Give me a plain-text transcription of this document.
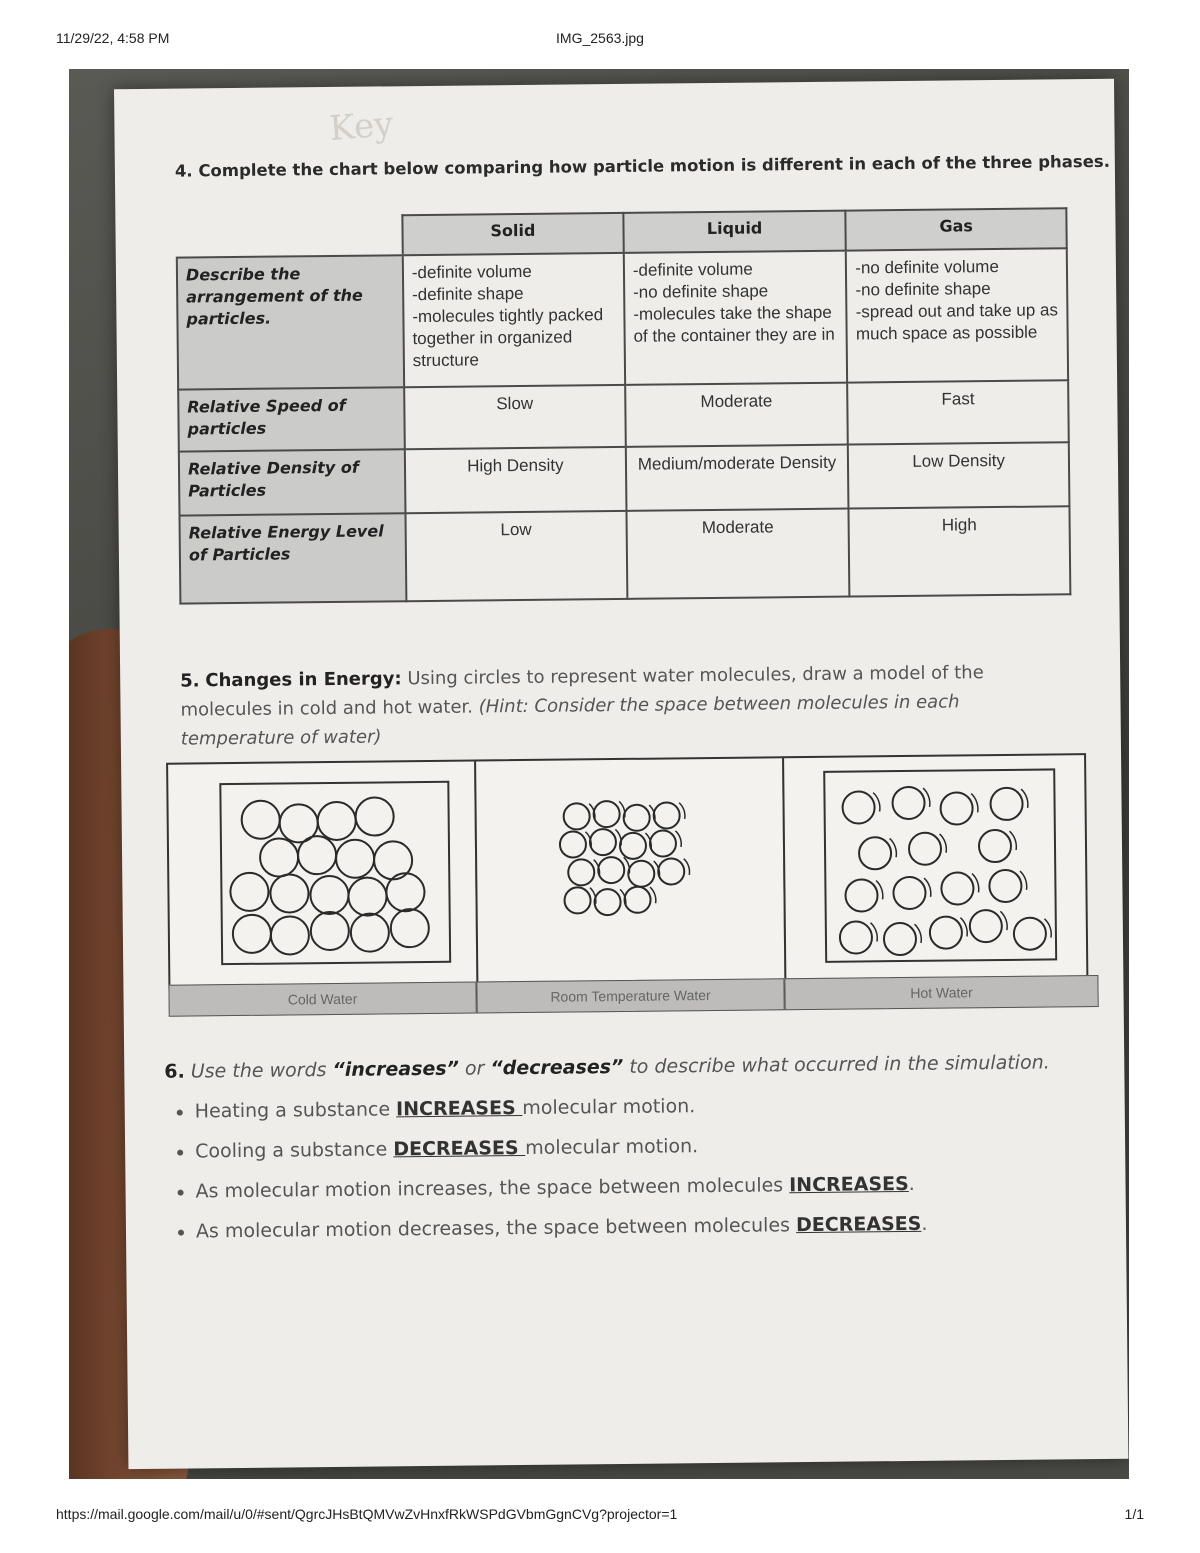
11/29/22, 4:58 PM	IMG_2563.jpg
Key
4. Complete the chart below comparing how particle motion is different in each of the three phases.
	Solid	Liquid	Gas
Describe the arrangement of the particles.	-definite volume
-definite shape
-molecules tightly packed together in organized structure	-definite volume
-no definite shape
-molecules take the shape of the container they are in	-no definite volume
-no definite shape
-spread out and take up as much space as possible
Relative Speed of particles	Slow	Moderate	Fast
Relative Density of Particles	High Density	Medium/moderate Density	Low Density
Relative Energy Level of Particles	Low	Moderate	High
5. Changes in Energy: Using circles to represent water molecules, draw a model of the molecules in cold and hot water. (Hint: Consider the space between molecules in each temperature of water)
Cold Water	Room Temperature Water	Hot Water
6. Use the words “increases” or “decreases” to describe what occurred in the simulation.
• Heating a substance INCREASES molecular motion.
• Cooling a substance DECREASES molecular motion.
• As molecular motion increases, the space between molecules INCREASES.
• As molecular motion decreases, the space between molecules DECREASES.
https://mail.google.com/mail/u/0/#sent/QgrcJHsBtQMVwZvHnxfRkWSPdGVbmGgnCVg?projector=1	1/1
